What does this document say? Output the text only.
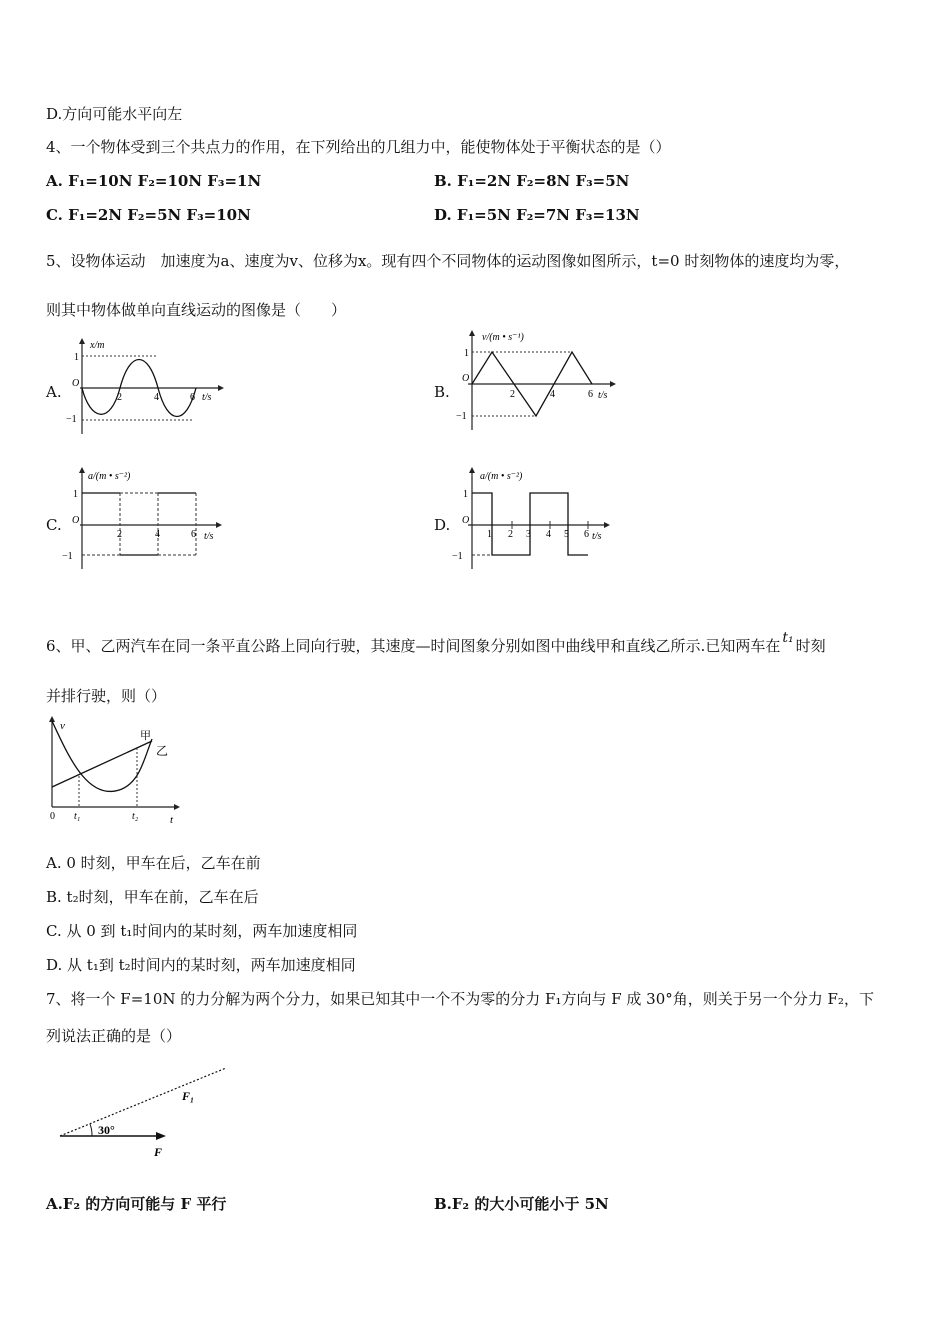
D.方向可能水平向左
4、一个物体受到三个共点力的作用，在下列给出的几组力中，能使物体处于平衡状态的是（）
A. F₁=10N F₂=10N F₃=1N	B. F₁=2N F₂=8N F₃=5N
C. F₁=2N F₂=5N F₃=10N	D. F₁=5N F₂=7N F₃=13N
5、设物体运动　加速度为a、速度为v、位移为x。现有四个不同物体的运动图像如图所示，t=0 时刻物体的速度均为零，
则其中物体做单向直线运动的图像是（　　）
A.	B.
C.	D.
x/m
t/s
1
−1
O
2	4	6
v/(m • s⁻¹)
t/s
1
−1
O
2	4	6
a/(m • s⁻²)
t/s
1
−1
O
2	4	6
a/(m • s⁻²)
t/s
1
−1
O
1 2 3 4 5 6
6、甲、乙两汽车在同一条平直公路上同向行驶，其速度—时间图象分别如图中曲线甲和直线乙所示.已知两车在 t₁ 时刻
并排行驶，则（）
v
t
0 t₁	t₂
甲
乙
A. 0 时刻，甲车在后，乙车在前
B. t₂时刻，甲车在前，乙车在后
C. 从 0 到 t₁时间内的某时刻，两车加速度相同
D. 从 t₁到 t₂时间内的某时刻，两车加速度相同
7、将一个 F=10N 的力分解为两个分力，如果已知其中一个不为零的分力 F₁方向与 F 成 30°角，则关于另一个分力 F₂，下
列说法正确的是（）
F₁
F
30°
A.F₂ 的方向可能与 F 平行	B.F₂ 的大小可能小于 5N
